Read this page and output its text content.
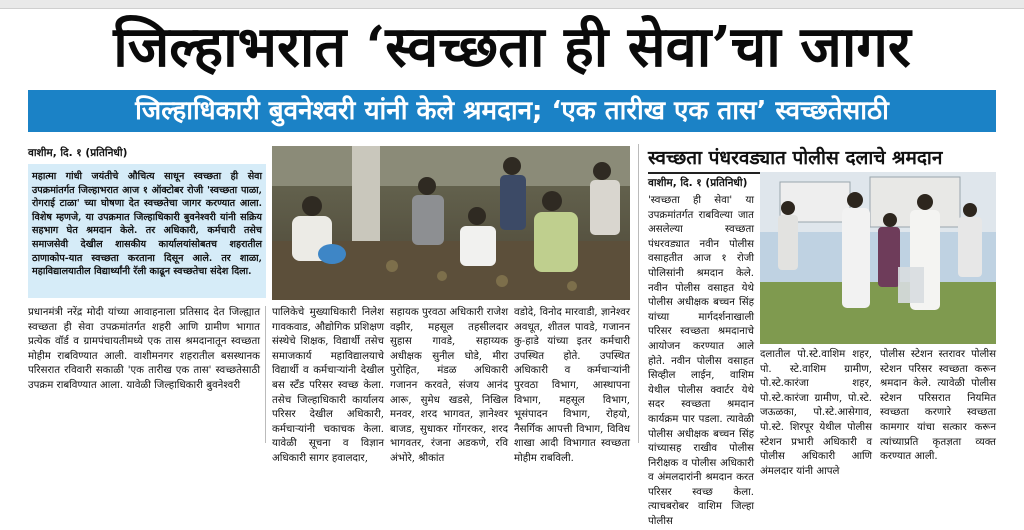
जिल्हाभरात ‘स्वच्छता ही सेवा’चा जागर
जिल्हाधिकारी बुवनेश्वरी यांनी केले श्रमदान; ‘एक तारीख एक तास’ स्वच्छतेसाठी
वाशीम, दि. १ (प्रतिनिधी)
महात्मा गांधी जयंतीचे औचित्य साधून स्वच्छता ही सेवा उपक्रमांतर्गत जिल्हाभरात आज १ ऑक्टोबर रोजी 'स्वच्छता पाळा, रोगराई टाळा' च्या घोषणा देत स्वच्छतेचा जागर करण्यात आला. विशेष म्हणजे, या उपक्रमात जिल्हाधिकारी बुवनेश्वरी यांनी सक्रिय सहभाग घेत श्रमदान केले. तर अधिकारी, कर्मचारी तसेच समाजसेवी देखील शासकीय कार्यालयांसोबतच शहरातील ठाणाकोप-यात स्वच्छता करताना दिसून आले. तर शाळा, महाविद्यालयातील विद्यार्थ्यांनी रॅली काढून स्वच्छतेचा संदेश दिला.
स्वच्छता पंधरवड्यात पोलीस दलाचे श्रमदान
प्रधानमंत्री नरेंद्र मोदी यांच्या आवाहनाला प्रतिसाद देत जिल्ह्यात स्वच्छता ही सेवा उपक्रमांतर्गत शहरी आणि ग्रामीण भागात प्रत्येक वॉर्ड व ग्रामपंचायतीमध्ये एक तास श्रमदानातून स्वच्छता मोहीम राबविण्यात आली. वाशीमनगर शहरातील बसस्थानक परिसरात रविवारी सकाळी 'एक तारीख एक तास' स्वच्छतेसाठी उपक्रम राबविण्यात आला. यावेळी जिल्हाधिकारी बुवनेश्वरी
पालिकेचे मुख्याधिकारी निलेश गावकवाड, औद्योगिक प्रशिक्षण संस्थेचे शिक्षक, विद्यार्थी तसेच समाजकार्य महाविद्यालयाचे विद्यार्थी व कर्मचाऱ्यांनी देखील बस स्टँड परिसर स्वच्छ केला. तसेच जिल्हाधिकारी कार्यालय परिसर देखील अधिकारी, कर्मचाऱ्यांनी चकाचक केला. यावेळी सूचना व विज्ञान अधिकारी सागर हवालदार,
सहायक पुरवठा अधिकारी राजेश वझीर, महसूल तहसीलदार सुहास गावडे, सहाय्यक अधीक्षक सुनील घोडे, मीरा पुरोहित, मंडळ अधिकारी गजानन करवते, संजय आनंद आरू, सुमेध खडसे, निखिल मनवर, शरद भागवत, ज्ञानेश्वर बाजड, सुधाकर गोंगरकर, शरद भागवतर, रंजना अडकणे, रवि अंभोरे, श्रीकांत
वडोदे, विनोद मारवाडी, ज्ञानेश्वर अवधूत, शीतल पावडे, गजानन कु-हाडे यांच्या इतर कर्मचारी उपस्थित होते. उपस्थित अधिकारी व कर्मचाऱ्यांनी पुरवठा विभाग, आस्थापना विभाग, महसूल विभाग, भूसंपादन विभाग, रोहयो, नैसर्गिक आपत्ती विभाग, विविध शाखा आदी विभागात स्वच्छता मोहीम राबविली.
वाशीम, दि. १ (प्रतिनिधी)
'स्वच्छता ही सेवा' या उपक्रमांतर्गत राबविल्या जात असलेल्या स्वच्छता पंधरवड्यात नवीन पोलीस वसाहतीत आज १ रोजी पोलिसांनी श्रमदान केले. नवीन पोलीस वसाहत येथे पोलीस अधीक्षक बच्चन सिंह यांच्या मार्गदर्शनाखाली परिसर स्वच्छता श्रमदानाचे आयोजन करण्यात आले होते. नवीन पोलीस वसाहत सिव्हील लाईन, वाशिम येथील पोलीस क्वार्टर येथे सदर स्वच्छता श्रमदान कार्यक्रम पार पडला. त्यावेळी पोलीस अधीक्षक बच्चन सिंह यांच्यासह राखीव पोलीस निरीक्षक व पोलीस अधिकारी व अंमलदारांनी श्रमदान करत परिसर स्वच्छ केला. त्याचबरोबर वाशिम जिल्हा पोलीस
दलातील पो.स्टे.वाशिम शहर, पो. स्टे.वाशिम ग्रामीण, पो.स्टे.कारंजा शहर, पो.स्टे.कारंजा ग्रामीण, पो.स्टे. जऊळका, पो.स्टे.आसेगाव, पो.स्टे. शिरपूर येथील पोलीस स्टेशन प्रभारी अधिकारी व पोलीस अधिकारी आणि अंमलदार यांनी आपले
पोलीस स्टेशन स्तरावर पोलीस स्टेशन परिसर स्वच्छता करून श्रमदान केले. त्यावेळी पोलीस स्टेशन परिसरात नियमित स्वच्छता करणारे स्वच्छता कामगार यांचा सत्कार करून त्यांच्याप्रति कृतज्ञता व्यक्त करण्यात आली.
